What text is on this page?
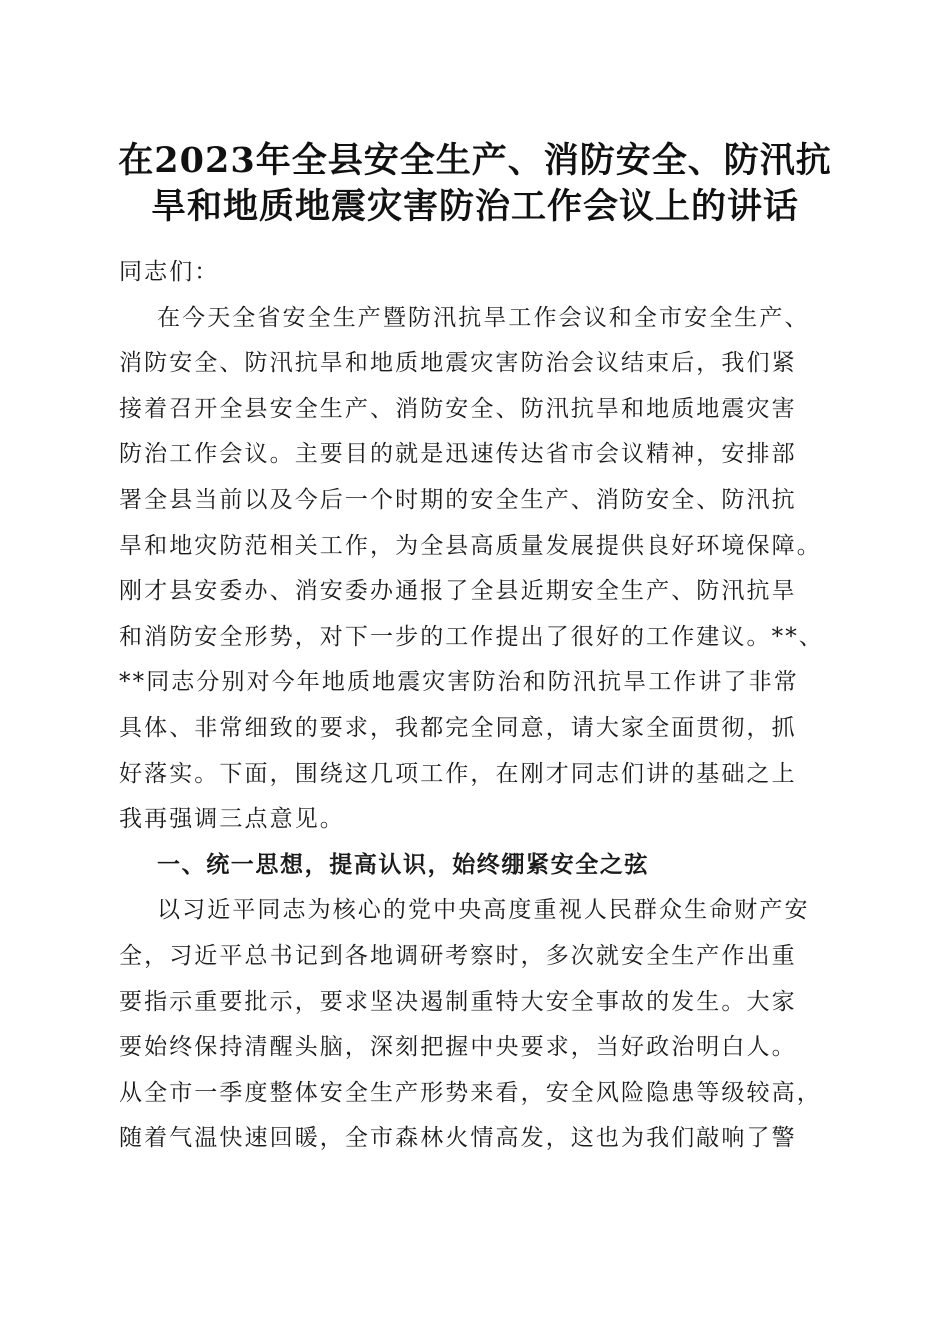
在2023年全县安全生产、消防安全、防汛抗
旱和地质地震灾害防治工作会议上的讲话
同志们：
在今天全省安全生产暨防汛抗旱工作会议和全市安全生产、
消防安全、防汛抗旱和地质地震灾害防治会议结束后，我们紧
接着召开全县安全生产、消防安全、防汛抗旱和地质地震灾害
防治工作会议。主要目的就是迅速传达省市会议精神，安排部
署全县当前以及今后一个时期的安全生产、消防安全、防汛抗
旱和地灾防范相关工作，为全县高质量发展提供良好环境保障。
刚才县安委办、消安委办通报了全县近期安全生产、防汛抗旱
和消防安全形势，对下一步的工作提出了很好的工作建议。**、
**同志分别对今年地质地震灾害防治和防汛抗旱工作讲了非常
具体、非常细致的要求，我都完全同意，请大家全面贯彻，抓
好落实。下面，围绕这几项工作，在刚才同志们讲的基础之上
我再强调三点意见。
一、统一思想，提高认识，始终绷紧安全之弦
以习近平同志为核心的党中央高度重视人民群众生命财产安
全，习近平总书记到各地调研考察时，多次就安全生产作出重
要指示重要批示，要求坚决遏制重特大安全事故的发生。大家
要始终保持清醒头脑，深刻把握中央要求，当好政治明白人。
从全市一季度整体安全生产形势来看，安全风险隐患等级较高，
随着气温快速回暖，全市森林火情高发，这也为我们敲响了警
